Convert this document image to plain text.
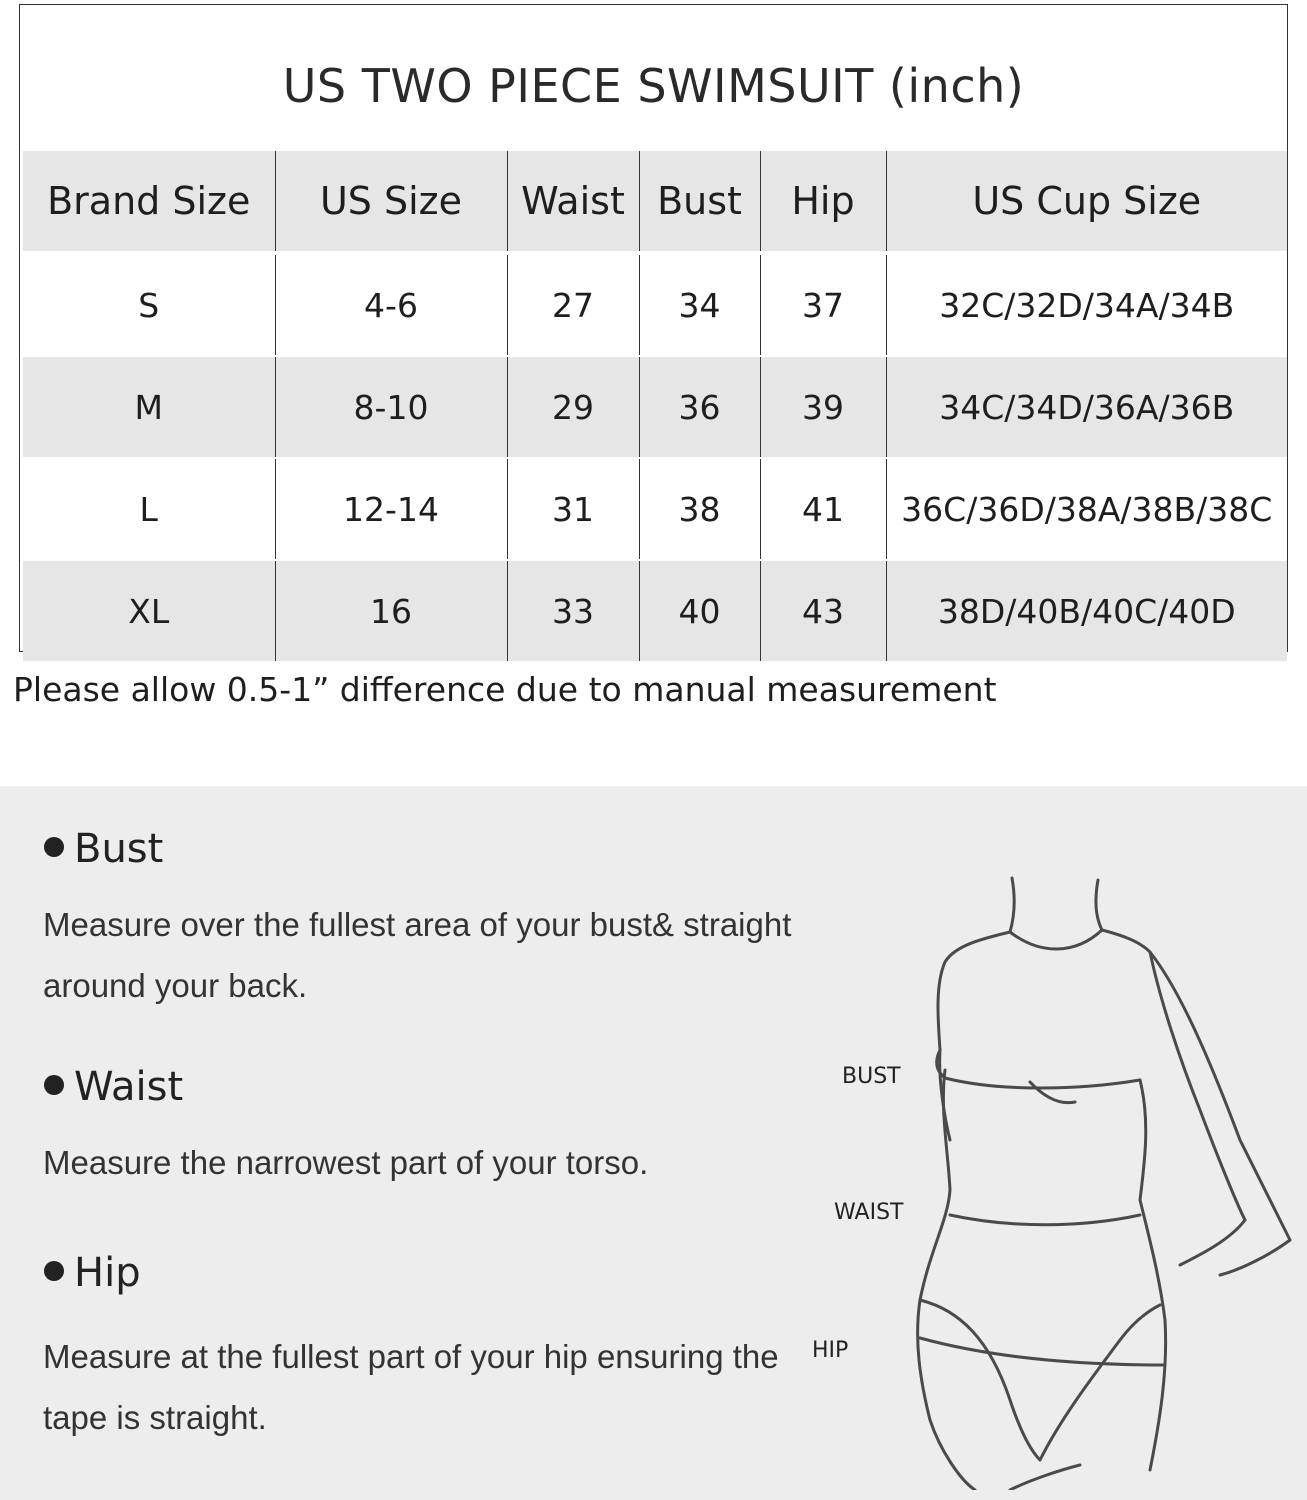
US TWO PIECE SWIMSUIT (inch)
Brand Size	US Size	Waist	Bust	Hip	US Cup Size
S	4-6	27	34	37	32C/32D/34A/34B
M	8-10	29	36	39	34C/34D/36A/36B
L	12-14	31	38	41	36C/36D/38A/38B/38C
XL	16	33	40	43	38D/40B/40C/40D
Please allow 0.5-1” difference due to manual measurement
Bust
Measure over the fullest area of your bust& straight around your back.
Waist
Measure the narrowest part of your torso.
Hip
Measure at the fullest part of your hip ensuring the tape is straight.
BUST
WAIST
HIP
